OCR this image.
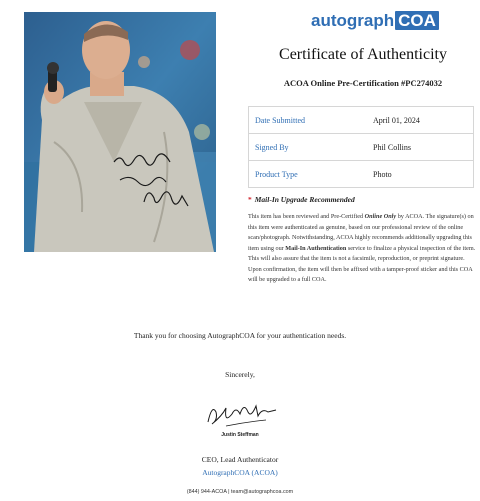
autograph COA
Certificate of Authenticity
ACOA Online Pre-Certification #PC274032
Date Submitted	April 01, 2024
Signed By	Phil Collins
Product Type	Photo
* Mail-In Upgrade Recommended
This item has been reviewed and Pre-Certified Online Only by ACOA. The signature(s) on this item were authenticated as genuine, based on our professional review of the online scan/photograph. Notwithstanding, ACOA highly recommends additionally upgrading this item using our Mail-In Authentication service to finalize a physical inspection of the item. This will also assure that the item is not a facsimile, reproduction, or preprint signature. Upon confirmation, the item will then be affixed with a tamper-proof sticker and this COA will be upgraded to a full COA.
Thank you for choosing AutographCOA for your authentication needs.
Sincerely,
Justin Steffman
CEO, Lead Authenticator
AutographCOA (ACOA)
(844) 944-ACOA | team@autographcoa.com
